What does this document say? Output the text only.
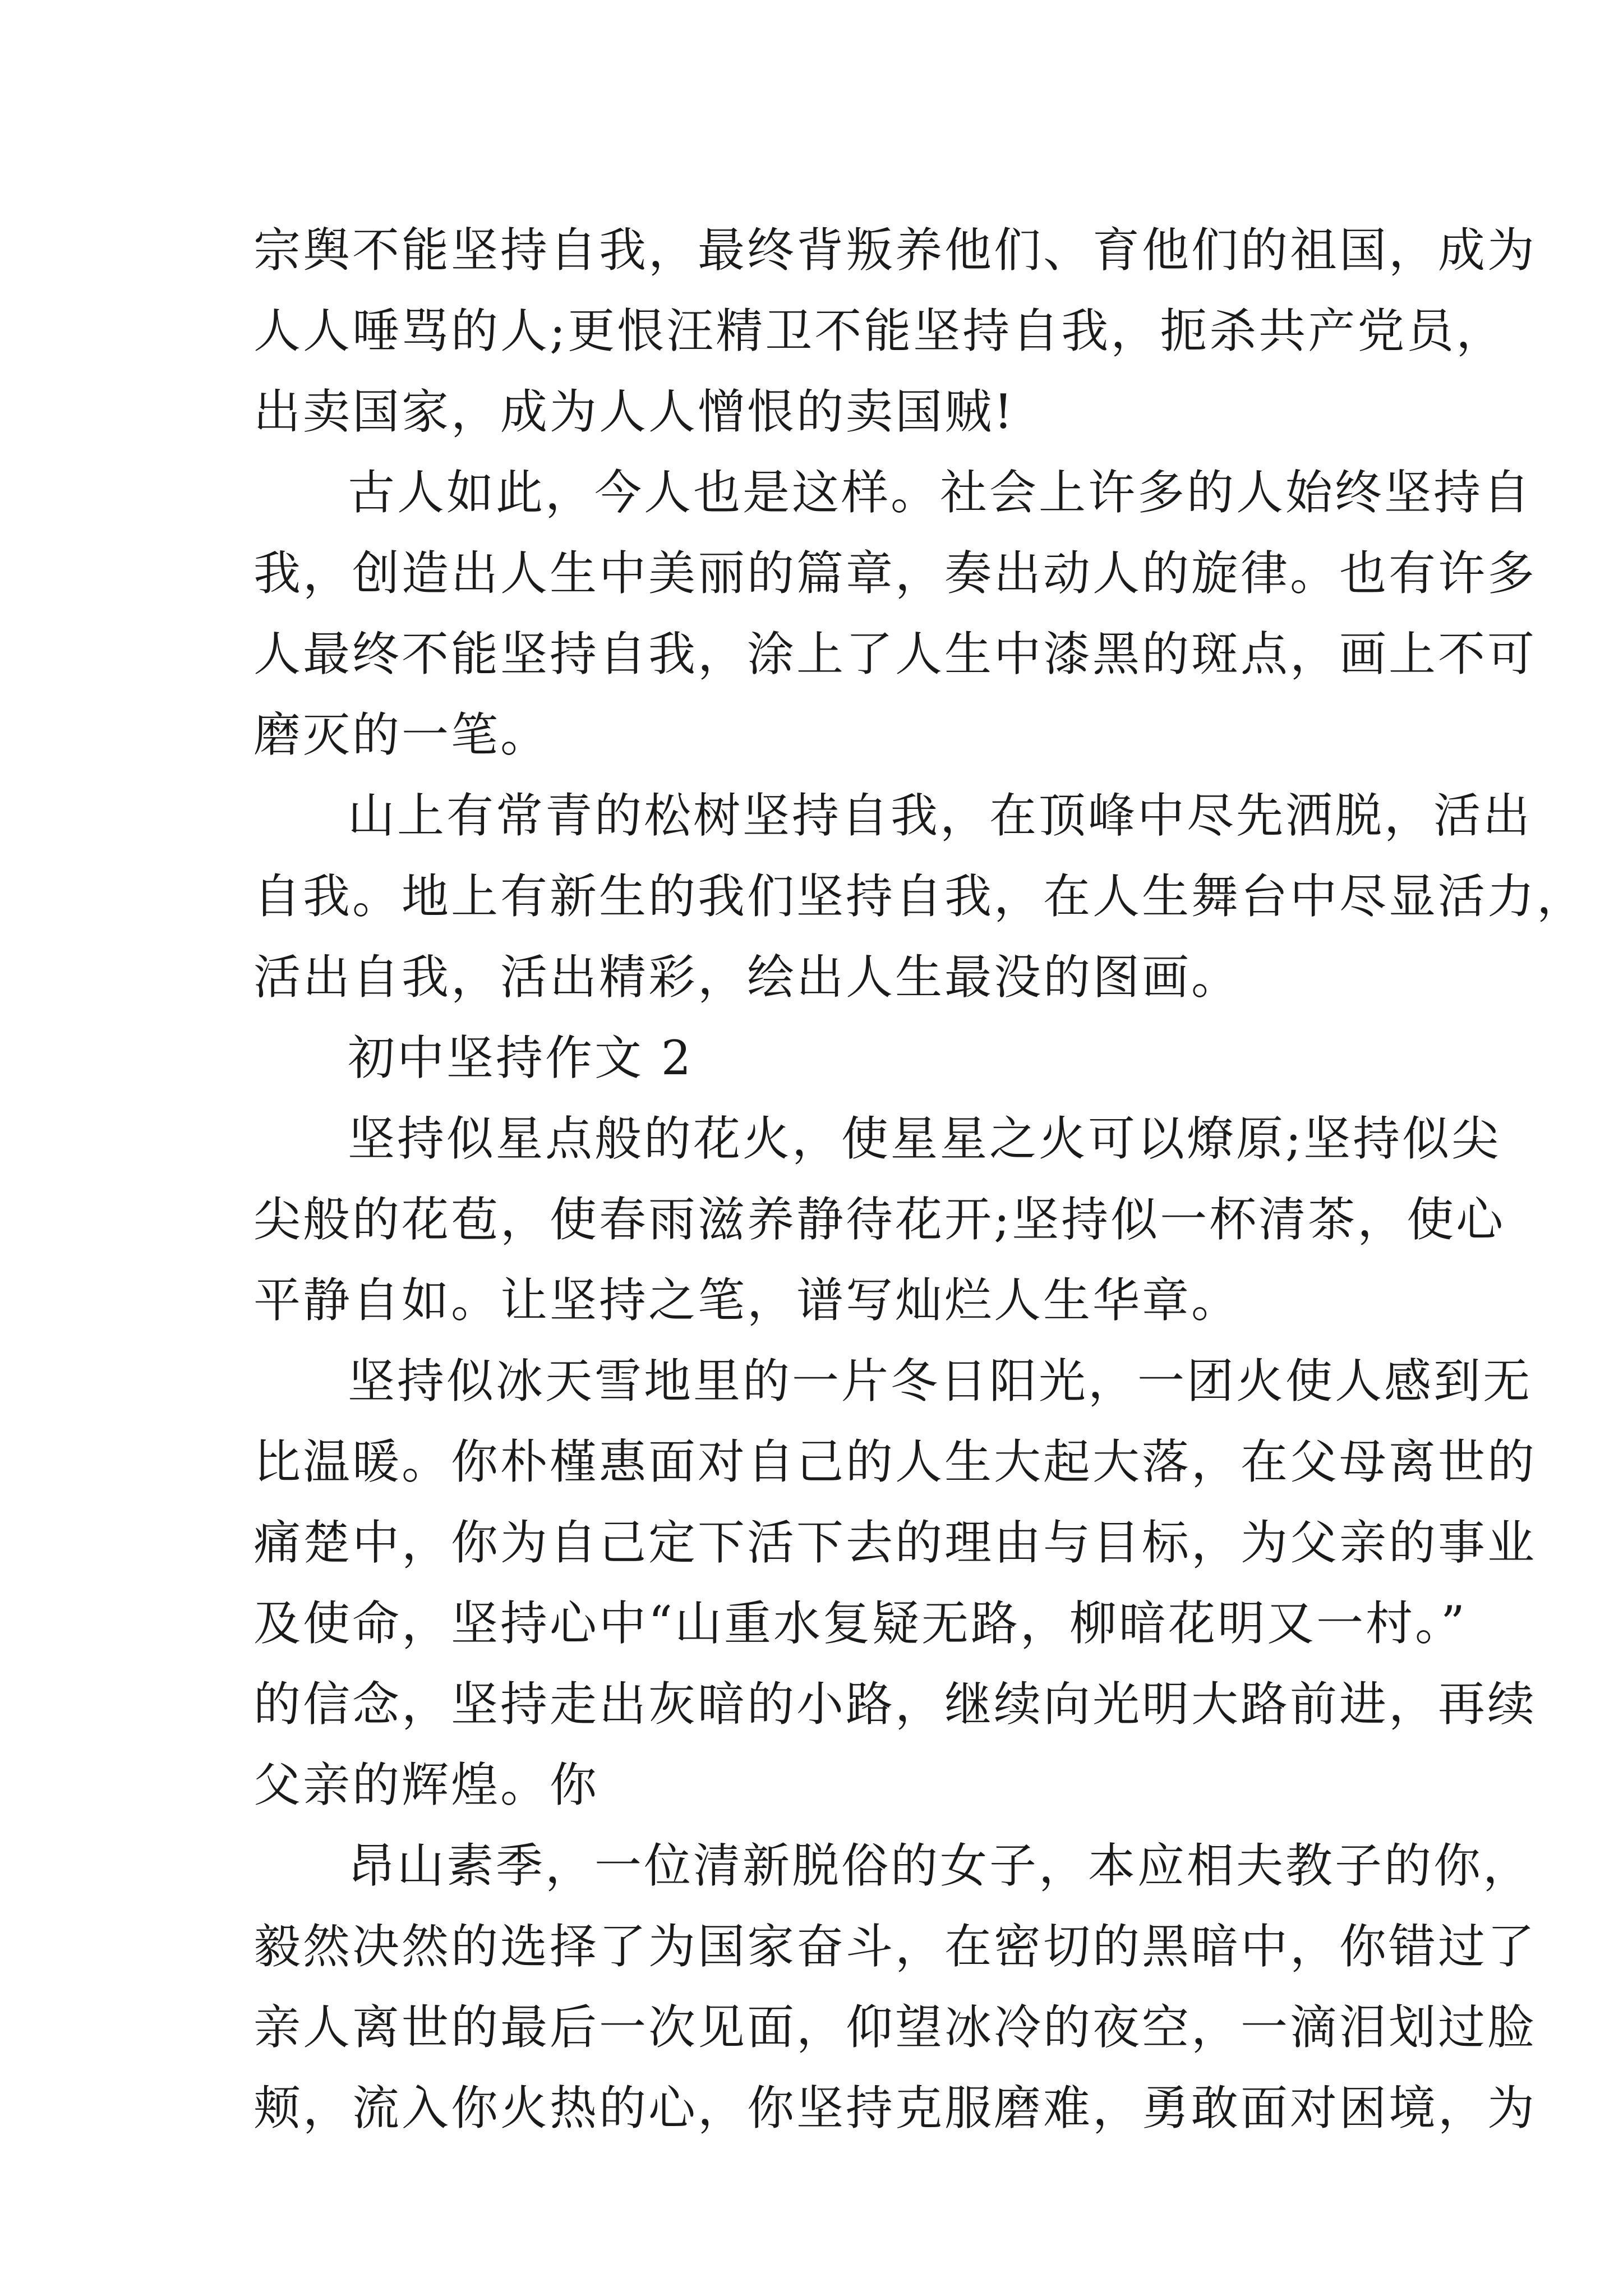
宗舆不能坚持自我，最终背叛养他们、育他们的祖国，成为
人人唾骂的人;更恨汪精卫不能坚持自我，扼杀共产党员，
出卖国家，成为人人憎恨的卖国贼!

古人如此，今人也是这样。社会上许多的人始终坚持自
我，创造出人生中美丽的篇章，奏出动人的旋律。也有许多
人最终不能坚持自我，涂上了人生中漆黑的斑点，画上不可
磨灭的一笔。

山上有常青的松树坚持自我，在顶峰中尽先洒脱，活出
自我。地上有新生的我们坚持自我，在人生舞台中尽显活力，
活出自我，活出精彩，绘出人生最没的图画。

初中坚持作文 2

坚持似星点般的花火，使星星之火可以燎原;坚持似尖
尖般的花苞，使春雨滋养静待花开;坚持似一杯清茶，使心
平静自如。让坚持之笔，谱写灿烂人生华章。

坚持似冰天雪地里的一片冬日阳光，一团火使人感到无
比温暖。你朴槿惠面对自己的人生大起大落，在父母离世的
痛楚中，你为自己定下活下去的理由与目标，为父亲的事业
及使命，坚持心中“山重水复疑无路，柳暗花明又一村。”
的信念，坚持走出灰暗的小路，继续向光明大路前进，再续
父亲的辉煌。你

昂山素季，一位清新脱俗的女子，本应相夫教子的你，
毅然决然的选择了为国家奋斗，在密切的黑暗中，你错过了
亲人离世的最后一次见面，仰望冰冷的夜空，一滴泪划过脸
颊，流入你火热的心，你坚持克服磨难，勇敢面对困境，为
